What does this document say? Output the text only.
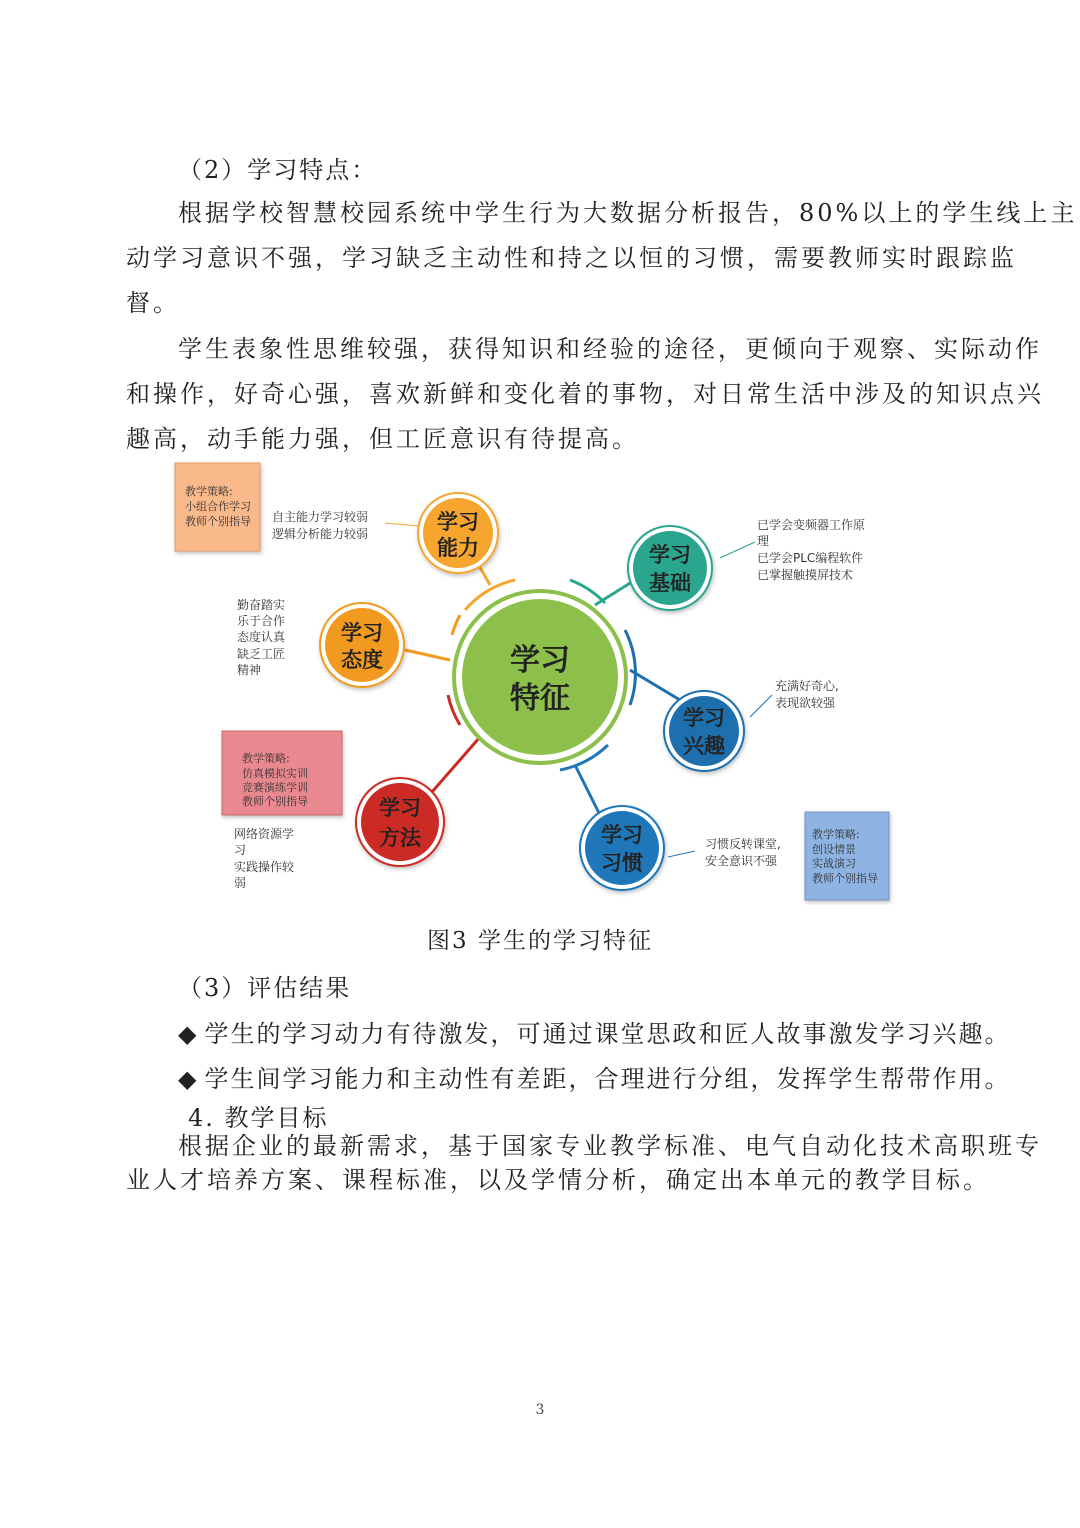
（2）学习特点：
根据学校智慧校园系统中学生行为大数据分析报告，80%以上的学生线上主
动学习意识不强，学习缺乏主动性和持之以恒的习惯，需要教师实时跟踪监
督。
学生表象性思维较强，获得知识和经验的途径，更倾向于观察、实际动作
和操作，好奇心强，喜欢新鲜和变化着的事物，对日常生活中涉及的知识点兴
趣高，动手能力强，但工匠意识有待提高。
学习
特征
学习
能力
自主能力学习较弱
逻辑分析能力较弱
学习
态度
勤奋踏实
乐于合作
态度认真
缺乏工匠
精神
学习
方法
网络资源学
习
实践操作较
弱
学习
习惯
习惯反转课堂,
安全意识不强
学习
兴趣
充满好奇心,
表现欲较强
学习
基础
已学会变频器工作原
理
已学会PLC编程软件
已掌握触摸屏技术
教学策略:
小组合作学习
教师个别指导
教学策略:
仿真模拟实训
竞赛演练学训
教师个别指导
教学策略:
创设情景
实战演习
教师个别指导
图3 学生的学习特征
（3）评估结果
◆ 学生的学习动力有待激发，可通过课堂思政和匠人故事激发学习兴趣。
◆ 学生间学习能力和主动性有差距，合理进行分组，发挥学生帮带作用。
4. 教学目标
根据企业的最新需求，基于国家专业教学标准、电气自动化技术高职班专
业人才培养方案、课程标准，以及学情分析，确定出本单元的教学目标。
3
